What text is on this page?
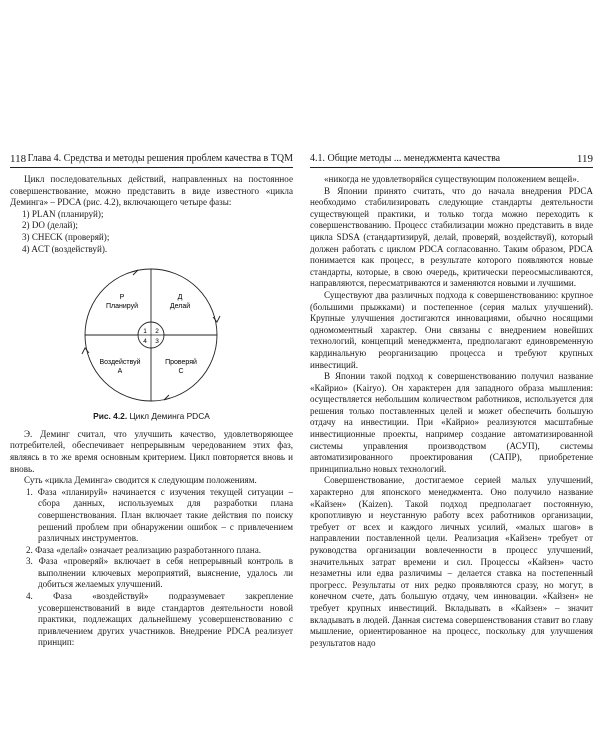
118 Глава 4. Средства и методы решения проблем качества в TQM

Цикл последовательных действий, направленных на постоянное совершенствование, можно представить в виде известного «цикла Деминга» – PDCA (рис. 4.2), включающего четыре фазы:

1) PLAN (планируй);
2) DO (делай);
3) CHECK (проверяй);
4) ACT (воздействуй).
P
Планируй
Д
Делай
Воздействуй
A
Проверяй
C
1 2
4 3
Рис. 4.2. Цикл Деминга PDCA

Э. Деминг считал, что улучшить качество, удовлетворяющее потребителей, обеспечивает непрерывным чередованием этих фаз, являясь в то же время основным критерием. Цикл повторяется вновь и вновь.

Суть «цикла Деминга» сводится к следующим положениям.

1. Фаза «планируй» начинается с изучения текущей ситуации – сбора данных, используемых для разработки плана совершенствования. План включает такие действия по поиску решений проблем при обнаружении ошибок – с привлечением различных инструментов.
2. Фаза «делай» означает реализацию разработанного плана.
3. Фаза «проверяй» включает в себя непрерывный контроль в выполнении ключевых мероприятий, выяснение, удалось ли добиться желаемых улучшений.
4. Фаза «воздействуй» подразумевает закрепление усовершенствований в виде стандартов деятельности новой практики, подлежащих дальнейшему усовершенствованию с привлечением других участников. Внедрение PDCA реализует принцип:
4.1. Общие методы ... менеджмента качества	119

«никогда не удовлетворяйся существующим положением вещей».

В Японии принято считать, что до начала внедрения PDCA необходимо стабилизировать следующие стандарты деятельности существующей практики, и только тогда можно переходить к совершенствованию. Процесс стабилизации можно представить в виде цикла SDSA (стандартизируй, делай, проверяй, воздействуй), который должен работать с циклом PDCA согласованно. Таким образом, PDCA понимается как процесс, в результате которого появляются новые стандарты, которые, в свою очередь, критически переосмысливаются, направляются, пересматриваются и заменяются новыми и лучшими.

Существуют два различных подхода к совершенствованию: крупное (большими прыжками) и постепенное (серия малых улучшений). Крупные улучшения достигаются инновациями, обычно носящими одномоментный характер. Они связаны с внедрением новейших технологий, концепций менеджмента, предполагают единовременную кардинальную реорганизацию процесса и требуют крупных инвестиций.

В Японии такой подход к совершенствованию получил название «Кайрио» (Kairyo). Он характерен для западного образа мышления: осуществляется небольшим количеством работников, используется для решения только поставленных целей и может обеспечить большую отдачу на инвестиции. При «Кайрио» реализуются масштабные инвестиционные проекты, например создание автоматизированной системы управления производством (АСУП), системы автоматизированного проектирования (САПР), приобретение принципиально новых технологий.

Совершенствование, достигаемое серией малых улучшений, характерно для японского менеджмента. Оно получило название «Кайзен» (Kaizen). Такой подход предполагает постоянную, кропотливую и неустанную работу всех работников организации, требует от всех и каждого личных усилий, «малых шагов» в направлении поставленной цели. Реализация «Кайзен» требует от руководства организации вовлеченности в процесс улучшений, значительных затрат времени и сил. Процессы «Кайзен» часто незаметны или едва различимы – делается ставка на постепенный прогресс. Результаты от них редко проявляются сразу, но могут, в конечном счете, дать большую отдачу, чем инновации. «Кайзен» не требует крупных инвестиций. Вкладывать в «Кайзен» – значит вкладывать в людей. Данная система совершенствования ставит во главу мышление, ориентированное на процесс, поскольку для улучшения результатов надо
